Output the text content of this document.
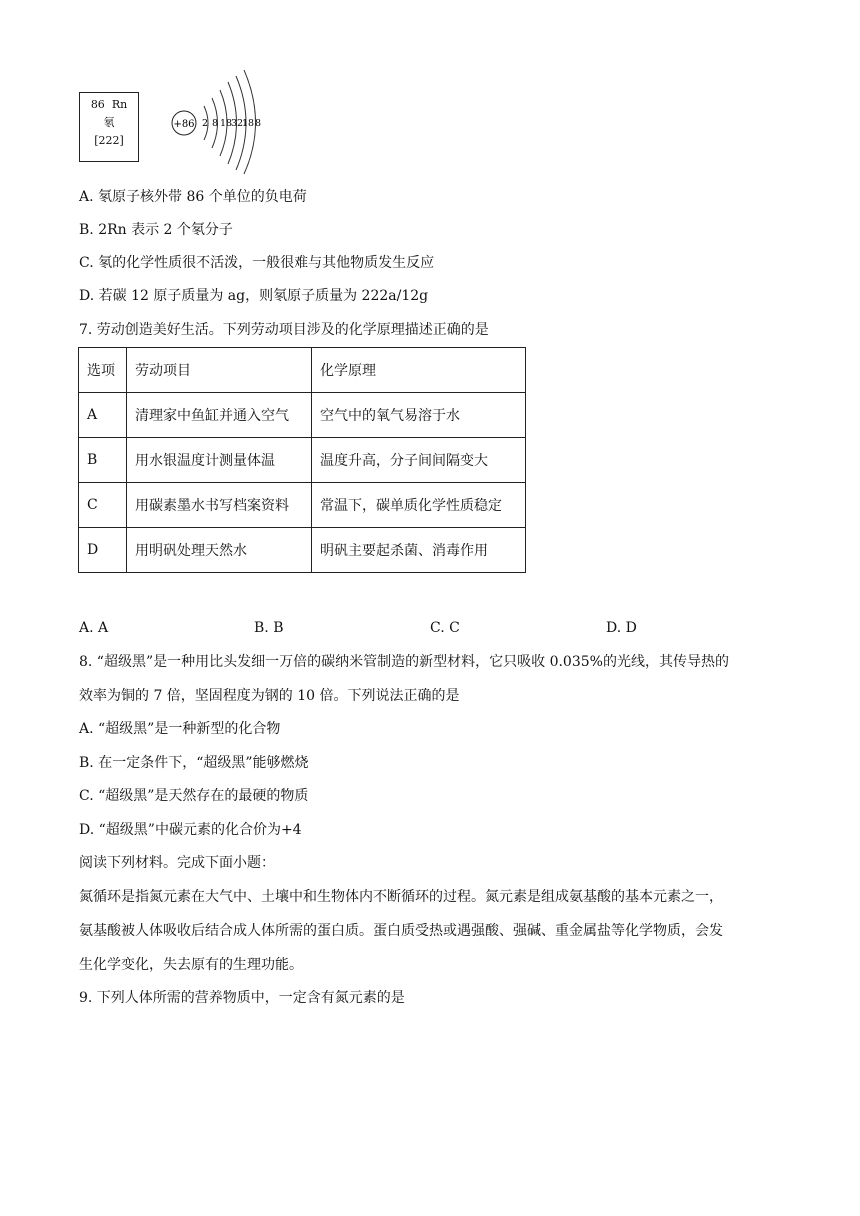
86 Rn
氡
[222]
+86 2 8 18
32
18 8
A. 氡原子核外带 86 个单位的负电荷
B. 2Rn 表示 2 个氡分子
C. 氡的化学性质很不活泼，一般很难与其他物质发生反应
D. 若碳 12 原子质量为 ag，则氡原子质量为 222a/12g
7. 劳动创造美好生活。下列劳动项目涉及的化学原理描述正确的是
选项	劳动项目	化学原理
A	清理家中鱼缸并通入空气	空气中的氧气易溶于水
B	用水银温度计测量体温	温度升高，分子间间隔变大
C	用碳素墨水书写档案资料	常温下，碳单质化学性质稳定
D	用明矾处理天然水	明矾主要起杀菌、消毒作用
A. A	B. B	C. C	D. D
8. “超级黑”是一种用比头发细一万倍的碳纳米管制造的新型材料，它只吸收 0.035%的光线，其传导热的
效率为铜的 7 倍，坚固程度为钢的 10 倍。下列说法正确的是
A. “超级黑”是一种新型的化合物
B. 在一定条件下，“超级黑”能够燃烧
C. “超级黑”是天然存在的最硬的物质
D. “超级黑”中碳元素的化合价为+4
阅读下列材料。完成下面小题：
氮循环是指氮元素在大气中、土壤中和生物体内不断循环的过程。氮元素是组成氨基酸的基本元素之一，
氨基酸被人体吸收后结合成人体所需的蛋白质。蛋白质受热或遇强酸、强碱、重金属盐等化学物质，会发
生化学变化，失去原有的生理功能。
9. 下列人体所需的营养物质中，一定含有氮元素的是
